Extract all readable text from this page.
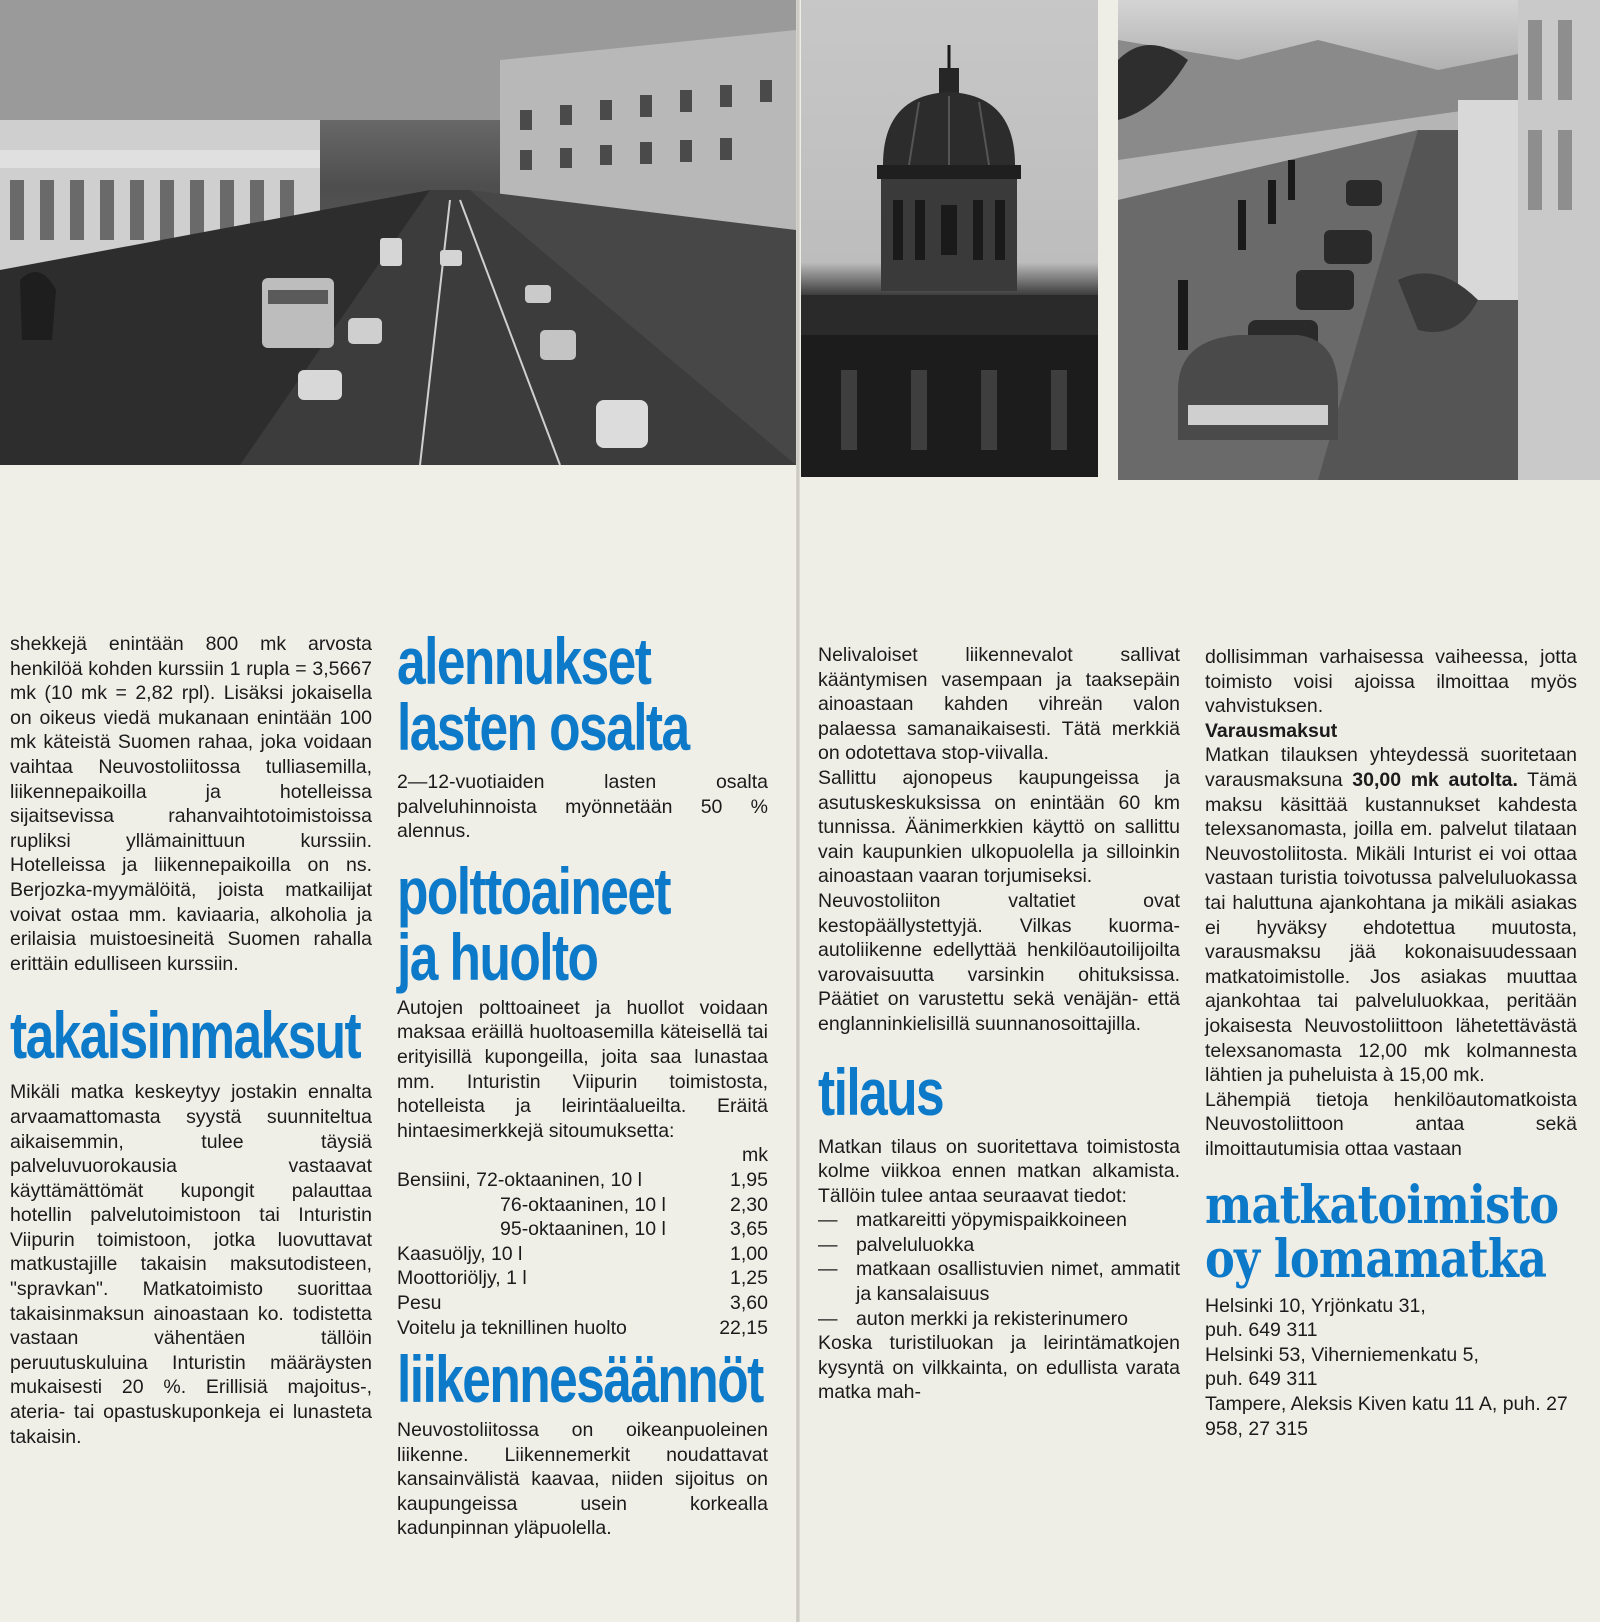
shekkejä enintään 800 mk arvosta henkilöä kohden kurssiin 1 rupla = 3,5667 mk (10 mk = 2,82 rpl). Lisäksi jokaisella on oikeus viedä mukanaan enintään 100 mk käteistä Suomen rahaa, joka voidaan vaihtaa Neuvostoliitossa tulliasemilla, liikennepaikoilla ja hotelleissa sijaitsevissa rahanvaihtotoimistoissa rupliksi yllämainittuun kurssiin. Hotelleissa ja liikennepaikoilla on ns. Berjozka-myymälöitä, joista matkailijat voivat ostaa mm. kaviaaria, alkoholia ja erilaisia muistoesineitä Suomen rahalla erittäin edulliseen kurssiin.

takaisinmaksut

Mikäli matka keskeytyy jostakin ennalta arvaamattomasta syystä suunniteltua aikaisemmin, tulee täysiä palveluvuorokausia vastaavat käyttämättömät kupongit palauttaa hotellin palvelutoimistoon tai Inturistin Viipurin toimistoon, jotka luovuttavat matkustajille takaisin maksutodisteen, "spravkan". Matkatoimisto suorittaa takaisinmaksun ainoastaan ko. todistetta vastaan vähentäen tällöin peruutuskuluina Inturistin määräysten mukaisesti 20 %. Erillisiä majoitus-, ateria- tai opastuskuponkeja ei lunasteta takaisin.

alennukset
lasten osalta

2—12-vuotiaiden lasten osalta palveluhinnoista myönnetään 50 % alennus.

polttoaineet
ja huolto

Autojen polttoaineet ja huollot voidaan maksaa eräillä huoltoasemilla käteisellä tai erityisillä kupongeilla, joita saa lunastaa mm. Inturistin Viipurin toimistosta, hotelleista ja leirintäalueilta. Eräitä hintaesimerkkejä sitoumuksetta:

mk

Bensiini, 72-oktaaninen, 10 l	1,95
76-oktaaninen, 10 l	2,30
95-oktaaninen, 10 l	3,65
Kaasuöljy, 10 l	1,00
Moottoriöljy, 1 l	1,25
Pesu	3,60
Voitelu ja teknillinen huolto	22,15
liikennesäännöt

Neuvostoliitossa on oikeanpuoleinen liikenne. Liikennemerkit noudattavat kansainvälistä kaavaa, niiden sijoitus on kaupungeissa usein korkealla kadunpinnan yläpuolella.

Nelivaloiset liikennevalot sallivat kääntymisen vasempaan ja taaksepäin ainoastaan kahden vihreän valon palaessa samanaikaisesti. Tätä merkkiä on odotettava stop-viivalla.

Sallittu ajonopeus kaupungeissa ja asutuskeskuksissa on enintään 60 km tunnissa. Äänimerkkien käyttö on sallittu vain kaupunkien ulkopuolella ja silloinkin ainoastaan vaaran torjumiseksi.

Neuvostoliiton valtatiet ovat kestopäällystettyjä. Vilkas kuorma-autoliikenne edellyttää henkilöautoilijoilta varovaisuutta varsinkin ohituksissa. Päätiet on varustettu sekä venäjän- että englanninkielisillä suunnanosoittajilla.

tilaus

Matkan tilaus on suoritettava toimistosta kolme viikkoa ennen matkan alkamista. Tällöin tulee antaa seuraavat tiedot:

— matkareitti yöpymispaikkoineen
— palveluluokka
— matkaan osallistuvien nimet, ammatit ja kansalaisuus
— auton merkki ja rekisterinumero

Koska turistiluokan ja leirintämatkojen kysyntä on vilkkainta, on edullista varata matka mah-

dollisimman varhaisessa vaiheessa, jotta toimisto voisi ajoissa ilmoittaa myös vahvistuksen.

Varausmaksut

Matkan tilauksen yhteydessä suoritetaan varausmaksuna 30,00 mk autolta. Tämä maksu käsittää kustannukset kahdesta telexsanomasta, joilla em. palvelut tilataan Neuvostoliitosta. Mikäli Inturist ei voi ottaa vastaan turistia toivotussa palveluluokassa tai haluttuna ajankohtana ja mikäli asiakas ei hyväksy ehdotettua muutosta, varausmaksu jää kokonaisuudessaan matkatoimistolle. Jos asiakas muuttaa ajankohtaa tai palveluluokkaa, peritään jokaisesta Neuvostoliittoon lähetettävästä telexsanomasta 12,00 mk kolmannesta lähtien ja puheluista à 15,00 mk.

Lähempiä tietoja henkilöautomatkoista Neuvostoliittoon antaa sekä ilmoittautumisia ottaa vastaan

matkatoimisto
oy lomamatka

Helsinki 10, Yrjönkatu 31,

puh. 649 311

Helsinki 53, Viherniemenkatu 5,

puh. 649 311

Tampere, Aleksis Kiven katu 11 A, puh. 27 958, 27 315
